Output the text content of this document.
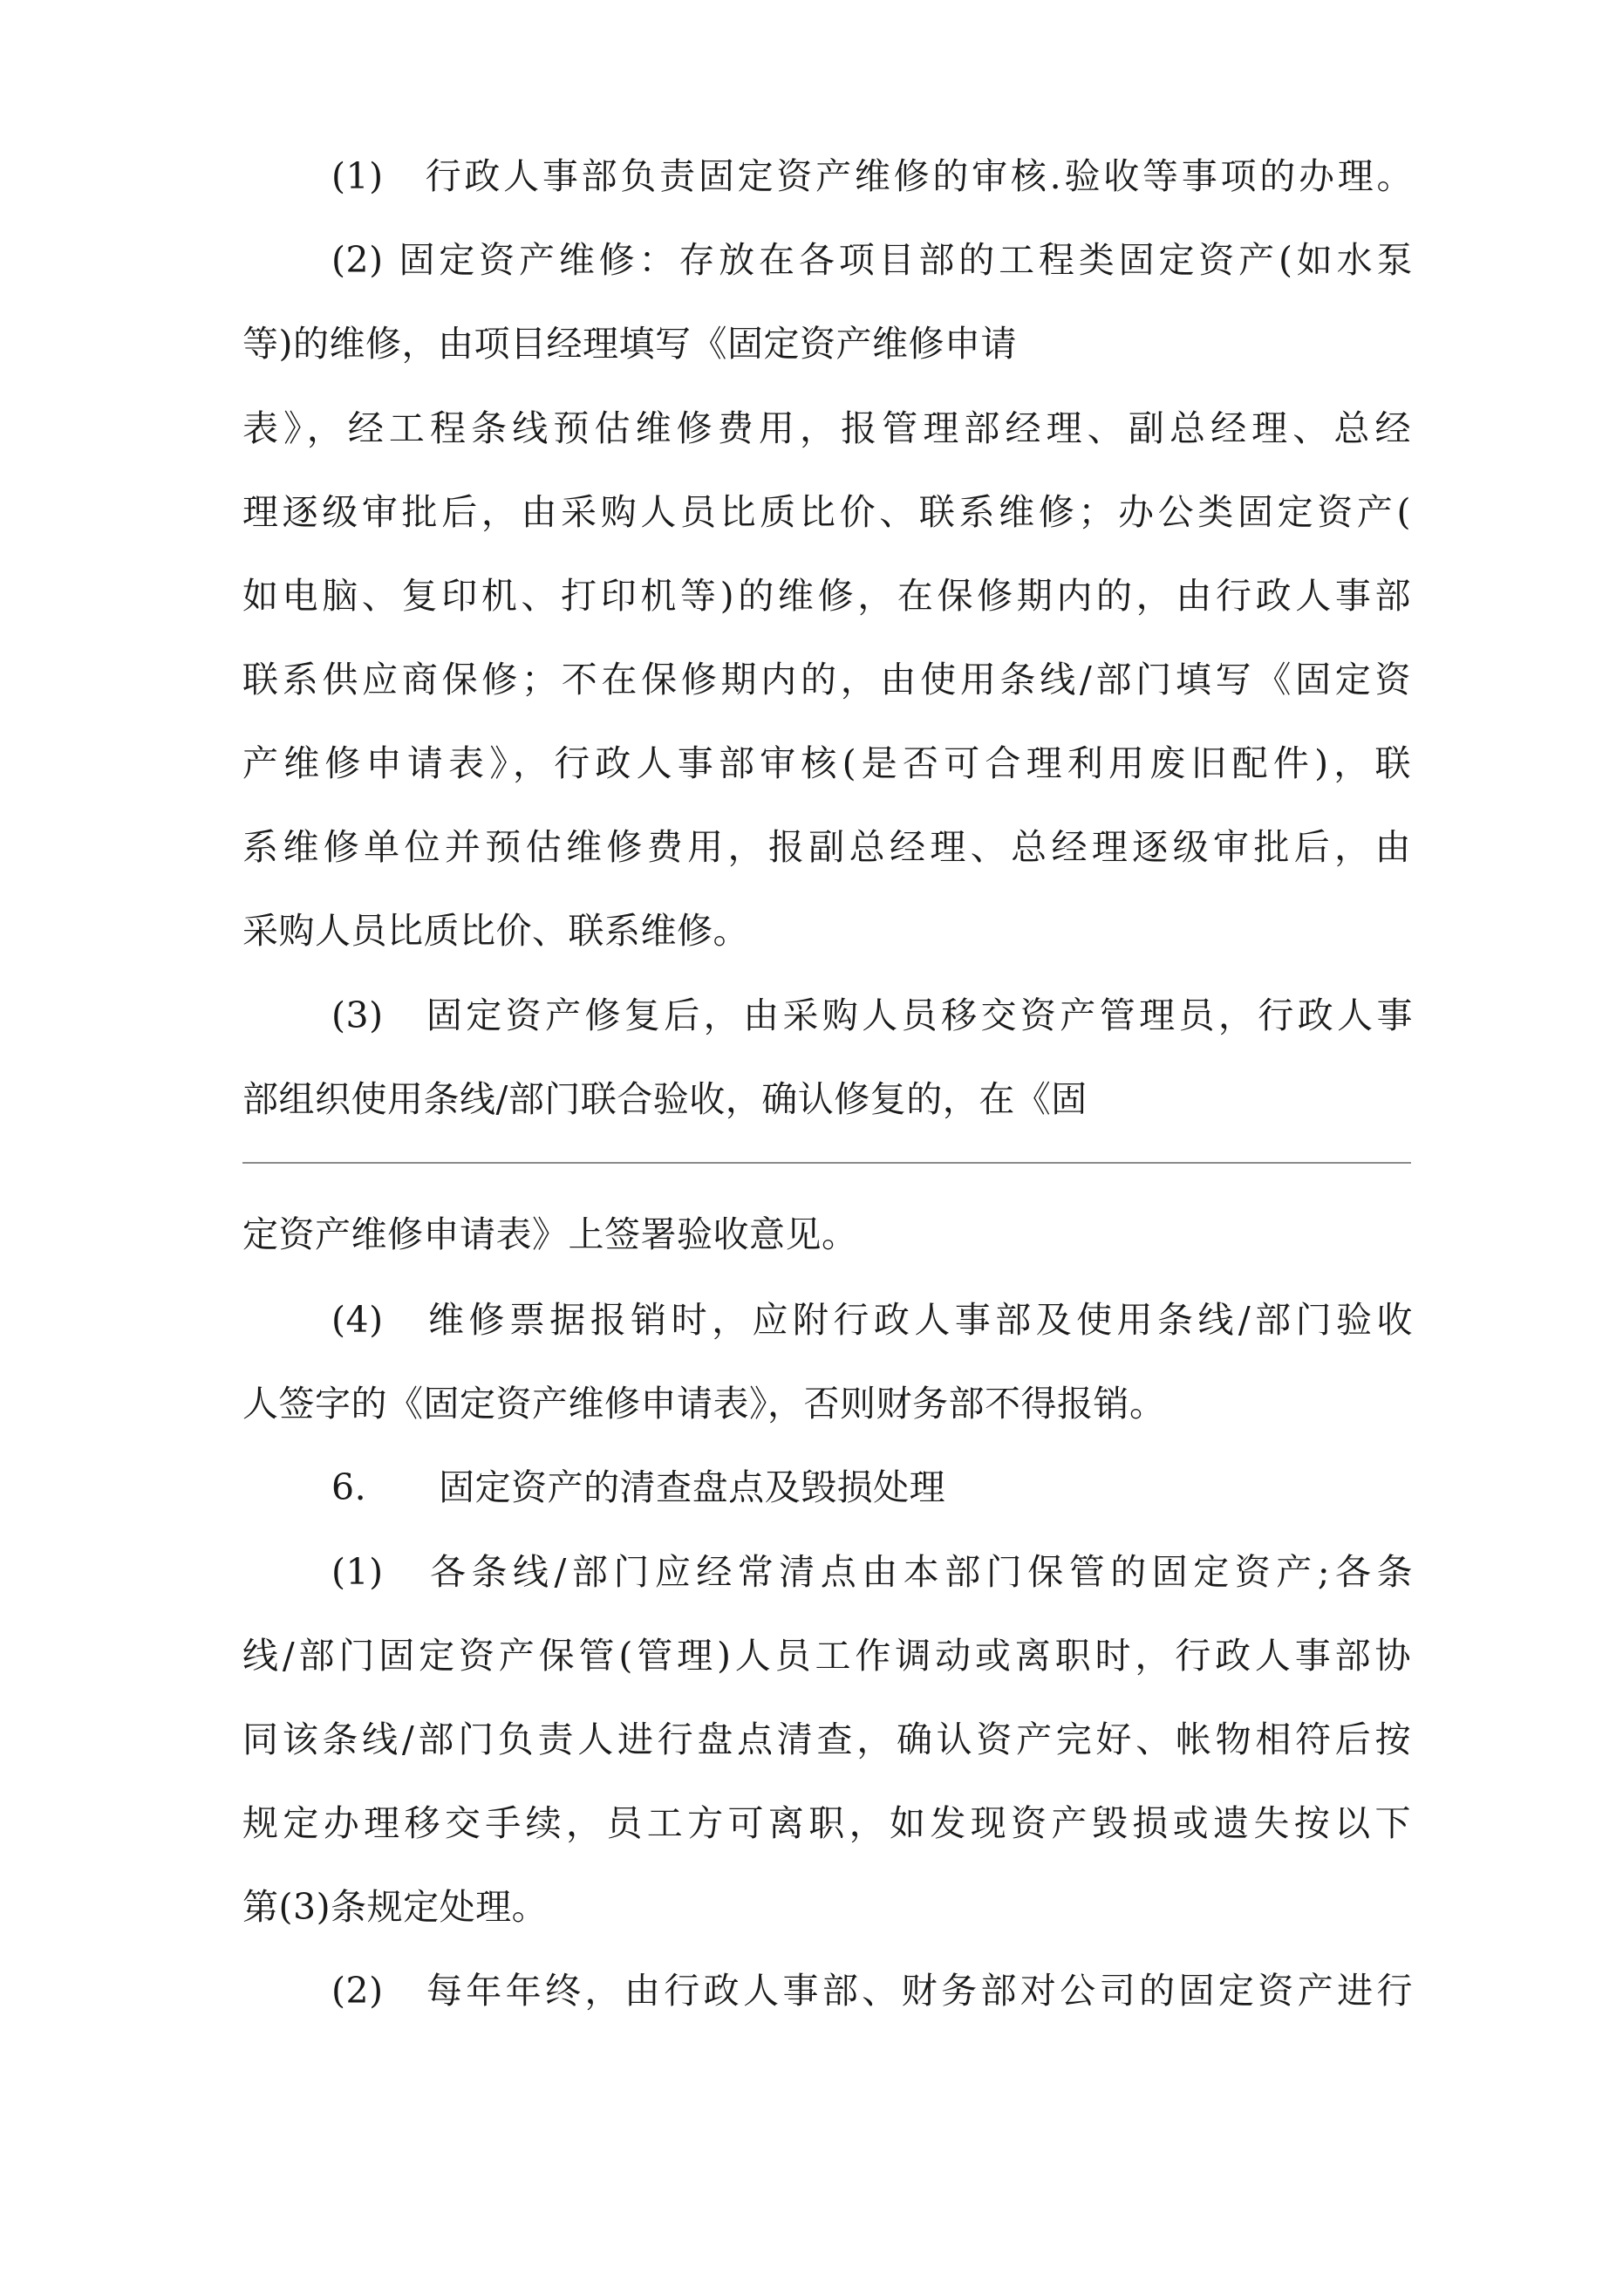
(1)　行政人事部负责固定资产维修的审核.验收等事项的办理。
(2) 固定资产维修：存放在各项目部的工程类固定资产(如水泵
等)的维修，由项目经理填写《固定资产维修申请
表》，经工程条线预估维修费用，报管理部经理、副总经理、总经
理逐级审批后，由采购人员比质比价、联系维修；办公类固定资产(
如电脑、复印机、打印机等)的维修，在保修期内的，由行政人事部
联系供应商保修；不在保修期内的，由使用条线/部门填写《固定资
产维修申请表》，行政人事部审核(是否可合理利用废旧配件)，联
系维修单位并预估维修费用，报副总经理、总经理逐级审批后，由
采购人员比质比价、联系维修。
(3)　固定资产修复后，由采购人员移交资产管理员，行政人事
部组织使用条线/部门联合验收，确认修复的，在《固
定资产维修申请表》上签署验收意见。
(4)　维修票据报销时，应附行政人事部及使用条线/部门验收
人签字的《固定资产维修申请表》，否则财务部不得报销。
6.　　固定资产的清查盘点及毁损处理
(1)　各条线/部门应经常清点由本部门保管的固定资产;各条
线/部门固定资产保管(管理)人员工作调动或离职时，行政人事部协
同该条线/部门负责人进行盘点清查，确认资产完好、帐物相符后按
规定办理移交手续，员工方可离职，如发现资产毁损或遗失按以下
第(3)条规定处理。
(2)　每年年终，由行政人事部、财务部对公司的固定资产进行
